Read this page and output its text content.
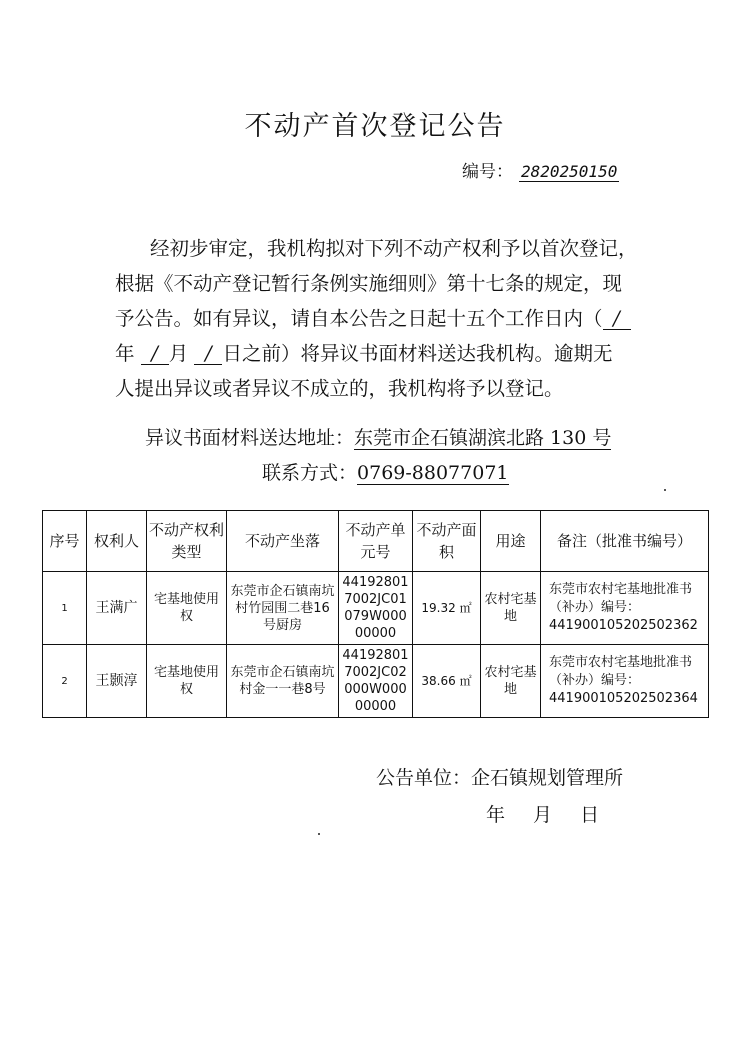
不动产首次登记公告
编号： 2820250150
经初步审定，我机构拟对下列不动产权利予以首次登记，
根据《不动产登记暂行条例实施细则》第十七条的规定，现
予公告。如有异议，请自本公告之日起十五个工作日内（ /
年 / 月 / 日之前）将异议书面材料送达我机构。逾期无
人提出异议或者异议不成立的，我机构将予以登记。
异议书面材料送达地址：东莞市企石镇湖滨北路 130 号
联系方式：0769-88077071
序号	权利人	不动产权利类型	不动产坐落	不动产单元号	不动产面积	用途	备注（批准书编号）
1	王满广	宅基地使用权	东莞市企石镇南坑村竹园围二巷16号厨房	441928017002JC01079W00000000	19.32 ㎡	农村宅基地	东莞市农村宅基地批准书（补办）编号：441900105202502362
2	王颢淳	宅基地使用权	东莞市企石镇南坑村金一一巷8号	441928017002JC02000W00000000	38.66 ㎡	农村宅基地	东莞市农村宅基地批准书（补办）编号：441900105202502364
公告单位：企石镇规划管理所
年 月 日
